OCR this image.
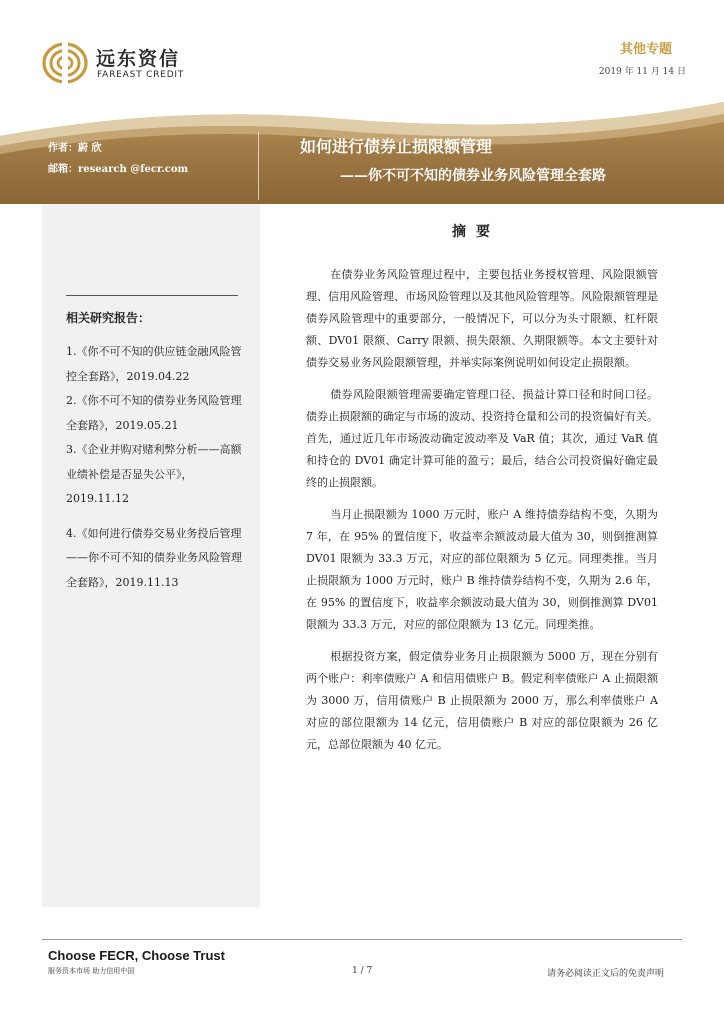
远东资信
FAREAST CREDIT
其他专题
2019 年 11 月 14 日
作者：蔚 欣
邮箱：research @fecr.com
如何进行债券止损限额管理
——你不可不知的债券业务风险管理全套路
相关研究报告：
1.《你不可不知的供应链金融风险管控全套路》，2019.04.22
2.《你不可不知的债券业务风险管理全套路》，2019.05.21
3.《企业并购对赌利弊分析——高额业绩补偿是否显失公平》，2019.11.12
4.《如何进行债券交易业务投后管理——你不可不知的债券业务风险管理全套路》，2019.11.13
摘要

在债券业务风险管理过程中，主要包括业务授权管理、风险限额管理、信用风险管理、市场风险管理以及其他风险管理等。风险限额管理是债券风险管理中的重要部分，一般情况下，可以分为头寸限额、杠杆限额、DV01 限额、Carry 限额、损失限额、久期限额等。本文主要针对债券交易业务风险限额管理，并举实际案例说明如何设定止损限额。

债券风险限额管理需要确定管理口径、损益计算口径和时间口径。债券止损限额的确定与市场的波动、投资持仓量和公司的投资偏好有关。首先，通过近几年市场波动确定波动率及 VaR 值；其次，通过 VaR 值和持仓的 DV01 确定计算可能的盈亏；最后，结合公司投资偏好确定最终的止损限额。

当月止损限额为 1000 万元时，账户 A 维持债券结构不变，久期为 7 年，在 95% 的置信度下，收益率余额波动最大值为 30，则倒推测算 DV01 限额为 33.3 万元，对应的部位限额为 5 亿元。同理类推。当月止损限额为 1000 万元时，账户 B 维持债券结构不变，久期为 2.6 年，在 95% 的置信度下，收益率余额波动最大值为 30，则倒推测算 DV01 限额为 33.3 万元，对应的部位限额为 13 亿元。同理类推。

根据投资方案，假定债券业务月止损限额为 5000 万，现在分别有两个账户：利率债账户 A 和信用债账户 B。假定利率债账户 A 止损限额为 3000 万，信用债账户 B 止损限额为 2000 万，那么利率债账户 A 对应的部位限额为 14 亿元，信用债账户 B 对应的部位限额为 26 亿元，总部位限额为 40 亿元。

Choose FECR, Choose Trust
服务资本市场 助力信用中国	1 / 7	请务必阅读正文后的免责声明
